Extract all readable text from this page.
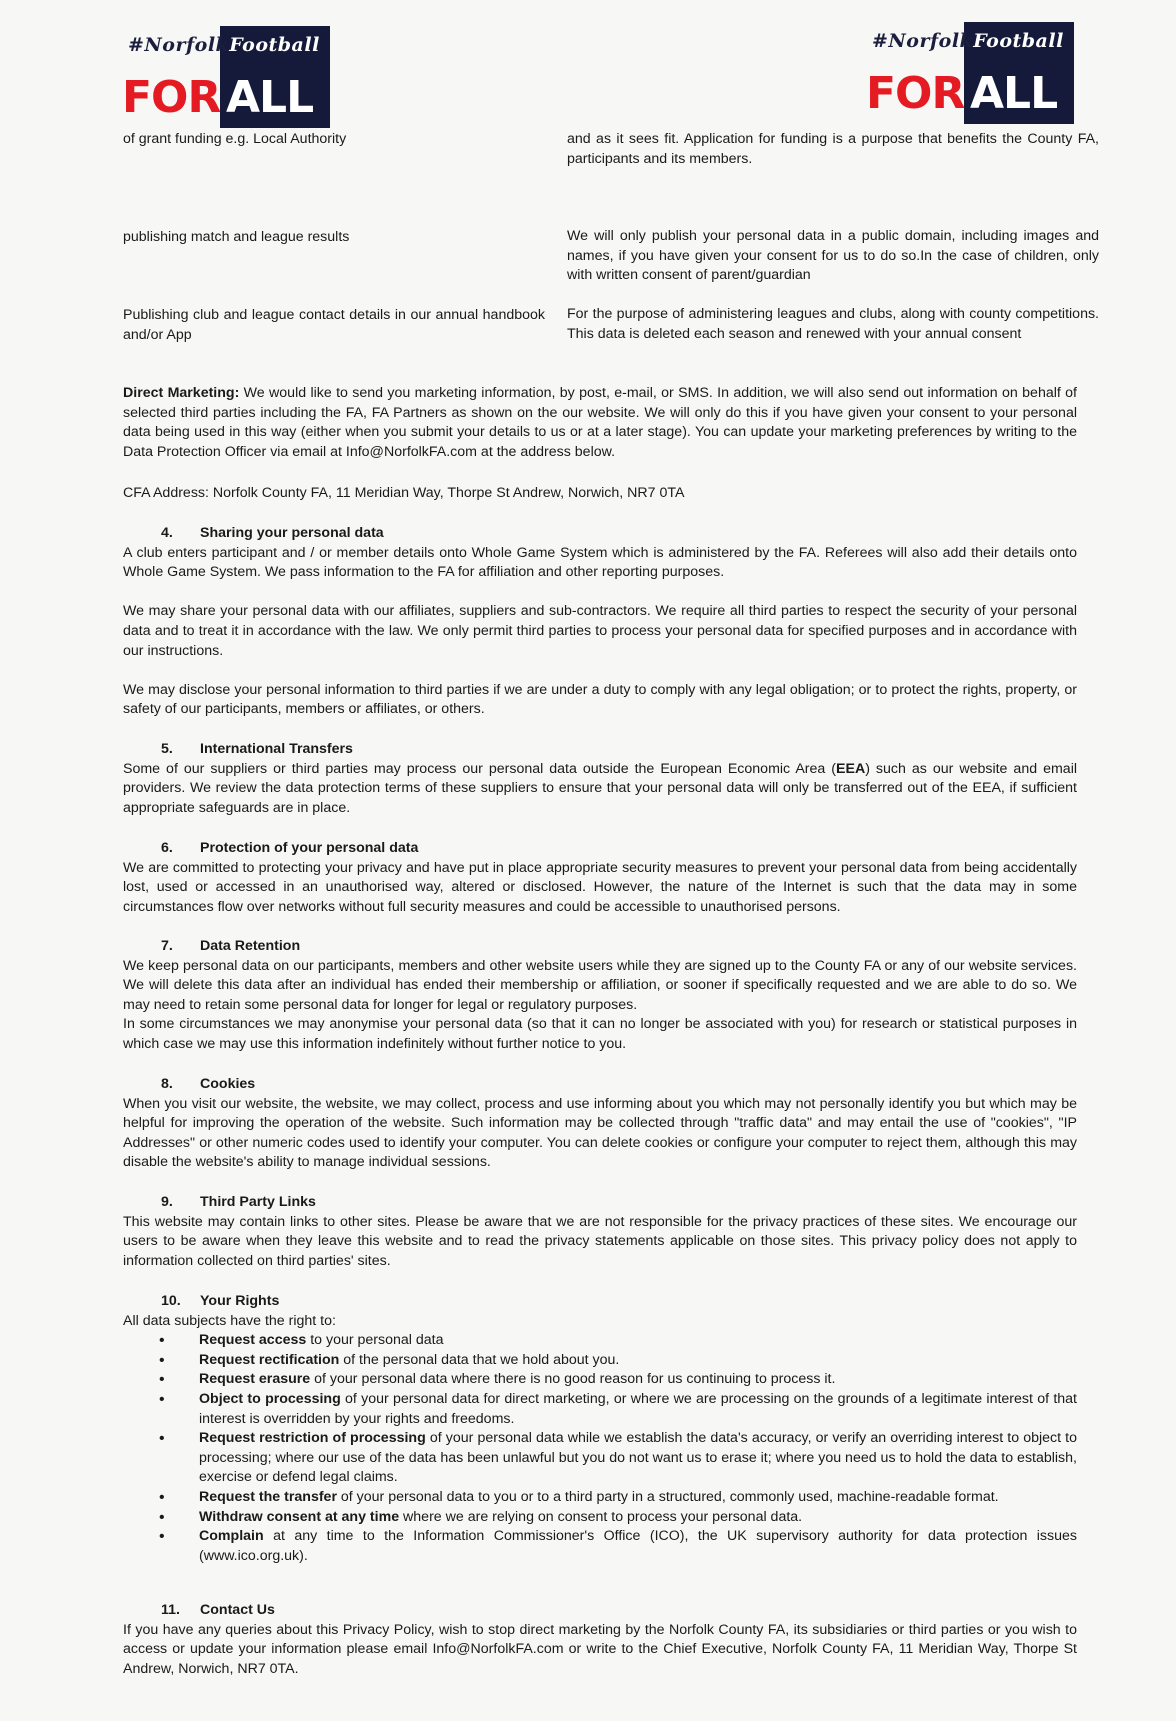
#NorfolkFootball
FOR ALL
#NorfolkFootball
FOR ALL
of grant funding e.g. Local Authority	and as it sees fit. Application for funding is a purpose that benefits the County FA, participants and its members.
publishing match and league results	We will only publish your personal data in a public domain, including images and names, if you have given your consent for us to do so.In the case of children, only with written consent of parent/guardian
Publishing club and league contact details in our annual handbook and/or App
For the purpose of administering leagues and clubs, along with county competitions. This data is deleted each season and renewed with your annual consent

Direct Marketing: We would like to send you marketing information, by post, e-mail, or SMS. In addition, we will also send out information on behalf of selected third parties including the FA, FA Partners as shown on the our website. We will only do this if you have given your consent to your personal data being used in this way (either when you submit your details to us or at a later stage). You can update your marketing preferences by writing to the Data Protection Officer via email at Info@NorfolkFA.com at the address below.

CFA Address: Norfolk County FA, 11 Meridian Way, Thorpe St Andrew, Norwich, NR7 0TA

4. Sharing your personal data

A club enters participant and / or member details onto Whole Game System which is administered by the FA. Referees will also add their details onto Whole Game System. We pass information to the FA for affiliation and other reporting purposes.

We may share your personal data with our affiliates, suppliers and sub-contractors. We require all third parties to respect the security of your personal data and to treat it in accordance with the law. We only permit third parties to process your personal data for specified purposes and in accordance with our instructions.

We may disclose your personal information to third parties if we are under a duty to comply with any legal obligation; or to protect the rights, property, or safety of our participants, members or affiliates, or others.

5. International Transfers

Some of our suppliers or third parties may process our personal data outside the European Economic Area (EEA) such as our website and email providers. We review the data protection terms of these suppliers to ensure that your personal data will only be transferred out of the EEA, if sufficient appropriate safeguards are in place.

6. Protection of your personal data

We are committed to protecting your privacy and have put in place appropriate security measures to prevent your personal data from being accidentally lost, used or accessed in an unauthorised way, altered or disclosed. However, the nature of the Internet is such that the data may in some circumstances flow over networks without full security measures and could be accessible to unauthorised persons.

7. Data Retention

We keep personal data on our participants, members and other website users while they are signed up to the County FA or any of our website services. We will delete this data after an individual has ended their membership or affiliation, or sooner if specifically requested and we are able to do so. We may need to retain some personal data for longer for legal or regulatory purposes.

In some circumstances we may anonymise your personal data (so that it can no longer be associated with you) for research or statistical purposes in which case we may use this information indefinitely without further notice to you.

8. Cookies

When you visit our website, the website, we may collect, process and use informing about you which may not personally identify you but which may be helpful for improving the operation of the website. Such information may be collected through "traffic data" and may entail the use of "cookies", "IP Addresses" or other numeric codes used to identify your computer. You can delete cookies or configure your computer to reject them, although this may disable the website's ability to manage individual sessions.

9. Third Party Links

This website may contain links to other sites. Please be aware that we are not responsible for the privacy practices of these sites. We encourage our users to be aware when they leave this website and to read the privacy statements applicable on those sites. This privacy policy does not apply to information collected on third parties' sites.

10. Your Rights

All data subjects have the right to:

• Request access to your personal data
• Request rectification of the personal data that we hold about you.
• Request erasure of your personal data where there is no good reason for us continuing to process it.
• Object to processing of your personal data for direct marketing, or where we are processing on the grounds of a legitimate interest of that interest is overridden by your rights and freedoms.
• Request restriction of processing of your personal data while we establish the data's accuracy, or verify an overriding interest to object to processing; where our use of the data has been unlawful but you do not want us to erase it; where you need us to hold the data to establish, exercise or defend legal claims.
• Request the transfer of your personal data to you or to a third party in a structured, commonly used, machine-readable format.
• Withdraw consent at any time where we are relying on consent to process your personal data.
• Complain at any time to the Information Commissioner's Office (ICO), the UK supervisory authority for data protection issues (www.ico.org.uk).

11. Contact Us

If you have any queries about this Privacy Policy, wish to stop direct marketing by the Norfolk County FA, its subsidiaries or third parties or you wish to access or update your information please email Info@NorfolkFA.com or write to the Chief Executive, Norfolk County FA, 11 Meridian Way, Thorpe St Andrew, Norwich, NR7 0TA.
